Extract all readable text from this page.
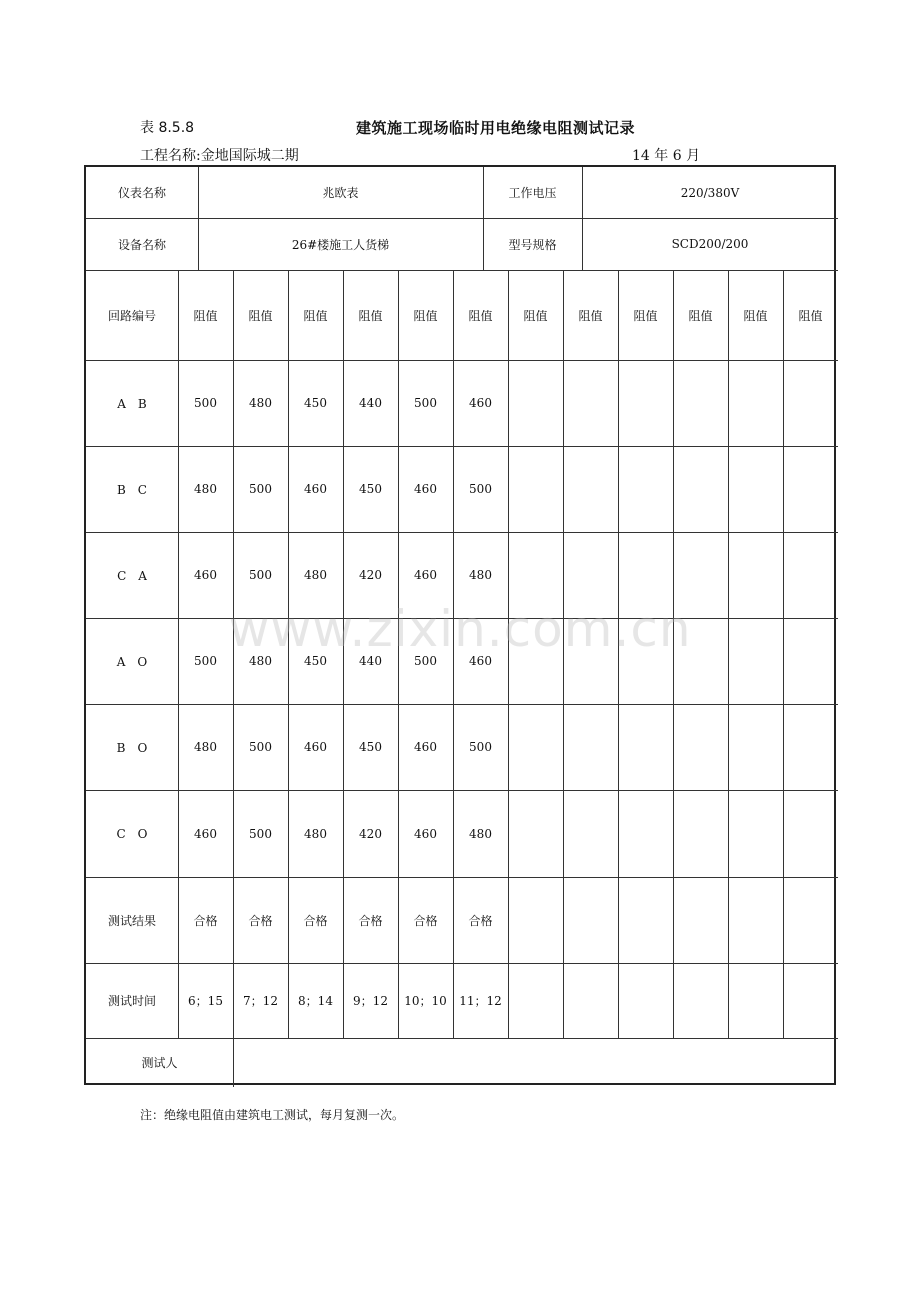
表 8.5.8	建筑施工现场临时用电绝缘电阻测试记录
工程名称:金地国际城二期	14 年 6 月
仪表名称	兆欧表	工作电压	220/380V
设备名称	26#楼施工人货梯	型号规格	SCD200/200
回路编号	阻值	阻值	阻值	阻值	阻值	阻值	阻值	阻值	阻值	阻值	阻值	阻值
A　B	500	480	450	440	500	460
B　C	480	500	460	450	460	500
C　A	460	500	480	420	460	480
A　O	500	480	450	440	500	460
B　O	480	500	460	450	460	500
C　O	460	500	480	420	460	480
测试结果	合格	合格	合格	合格	合格	合格
测试时间	6；15	7；12	8；14	9；12	10；10	11；12
测试人
注：绝缘电阻值由建筑电工测试，每月复测一次。
www.zixin.com.cn
